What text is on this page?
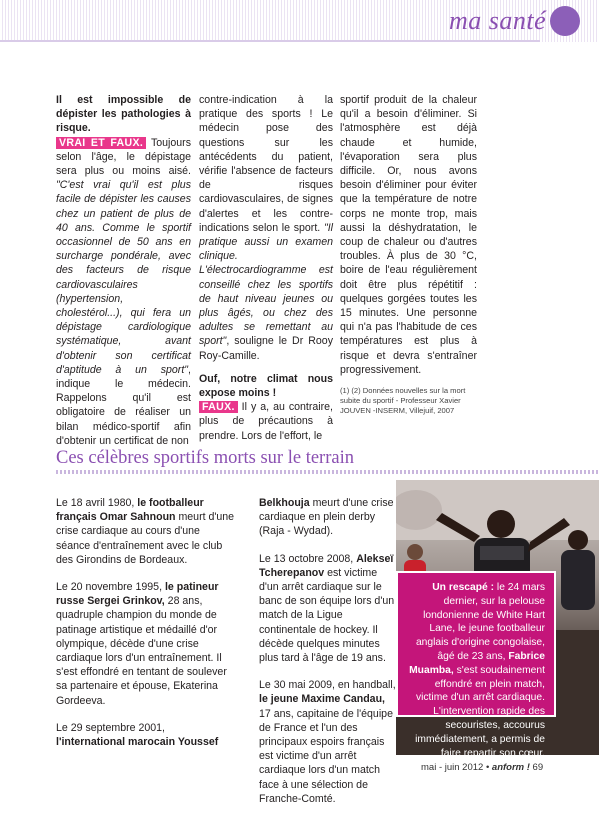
ma santé

Il est impossible de dépister les pathologies à risque.
VRAI ET FAUX. Toujours selon l'âge, le dépistage sera plus ou moins aisé. "C'est vrai qu'il est plus facile de dépister les causes chez un patient de plus de 40 ans. Comme le sportif occasionnel de 50 ans en surcharge pondérale, avec des facteurs de risque cardiovasculaires (hypertension, cholestérol...), qui fera un dépistage cardiologique systématique, avant d'obtenir son certificat d'aptitude à un sport", indique le médecin. Rappelons qu'il est obligatoire de réaliser un bilan médico-sportif afin d'obtenir un certificat de non

contre-indication à la pratique des sports ! Le médecin pose des questions sur les antécédents du patient, vérifie l'absence de facteurs de risques cardiovasculaires, de signes d'alertes et les contre-indications selon le sport. "Il pratique aussi un examen clinique. L'électrocardiogramme est conseillé chez les sportifs de haut niveau jeunes ou plus âgés, ou chez des adultes se remettant au sport", souligne le Dr Rooy Roy-Camille.

Ouf, notre climat nous expose moins !
FAUX. Il y a, au contraire, plus de précautions à prendre. Lors de l'effort, le

sportif produit de la chaleur qu'il a besoin d'éliminer. Si l'atmosphère est déjà chaude et humide, l'évaporation sera plus difficile. Or, nous avons besoin d'éliminer pour éviter que la température de notre corps ne monte trop, mais aussi la déshydratation, le coup de chaleur ou d'autres troubles. À plus de 30 °C, boire de l'eau régulièrement doit être plus répétitif : quelques gorgées toutes les 15 minutes. Une personne qui n'a pas l'habitude de ces températures est plus à risque et devra s'entraîner progressivement.

(1) (2) Données nouvelles sur la mort subite du sportif - Professeur Xavier JOUVEN -INSERM, Villejuif, 2007
Ces célèbres sportifs morts sur le terrain

Le 18 avril 1980, le footballeur français Omar Sahnoun meurt d'une crise cardiaque au cours d'une séance d'entraînement avec le club des Girondins de Bordeaux.

Le 20 novembre 1995, le patineur russe Sergei Grinkov, 28 ans, quadruple champion du monde de patinage artistique et médaillé d'or olympique, décède d'une crise cardiaque lors d'un entraînement. Il s'est effondré en tentant de soulever sa partenaire et épouse, Ekaterina Gordeeva.

Le 29 septembre 2001, l'international marocain Youssef

Belkhouja meurt d'une crise cardiaque en plein derby (Raja - Wydad).

Le 13 octobre 2008, Alekseï Tcherepanov est victime d'un arrêt cardiaque sur le banc de son équipe lors d'un match de la Ligue continentale de hockey. Il décède quelques minutes plus tard à l'âge de 19 ans.

Le 30 mai 2009, en handball, le jeune Maxime Candau, 17 ans, capitaine de l'équipe de France et l'un des principaux espoirs français est victime d'un arrêt cardiaque lors d'un match face à une sélection de Franche-Comté.

Un rescapé : le 24 mars dernier, sur la pelouse londonienne de White Hart Lane, le jeune footballeur anglais d'origine congolaise, âgé de 23 ans, Fabrice Muamba, s'est soudainement effondré en plein match, victime d'un arrêt cardiaque. L'intervention rapide des secouristes, accourus immédiatement, a permis de faire repartir son cœur.
mai - juin 2012 • anform ! 69
